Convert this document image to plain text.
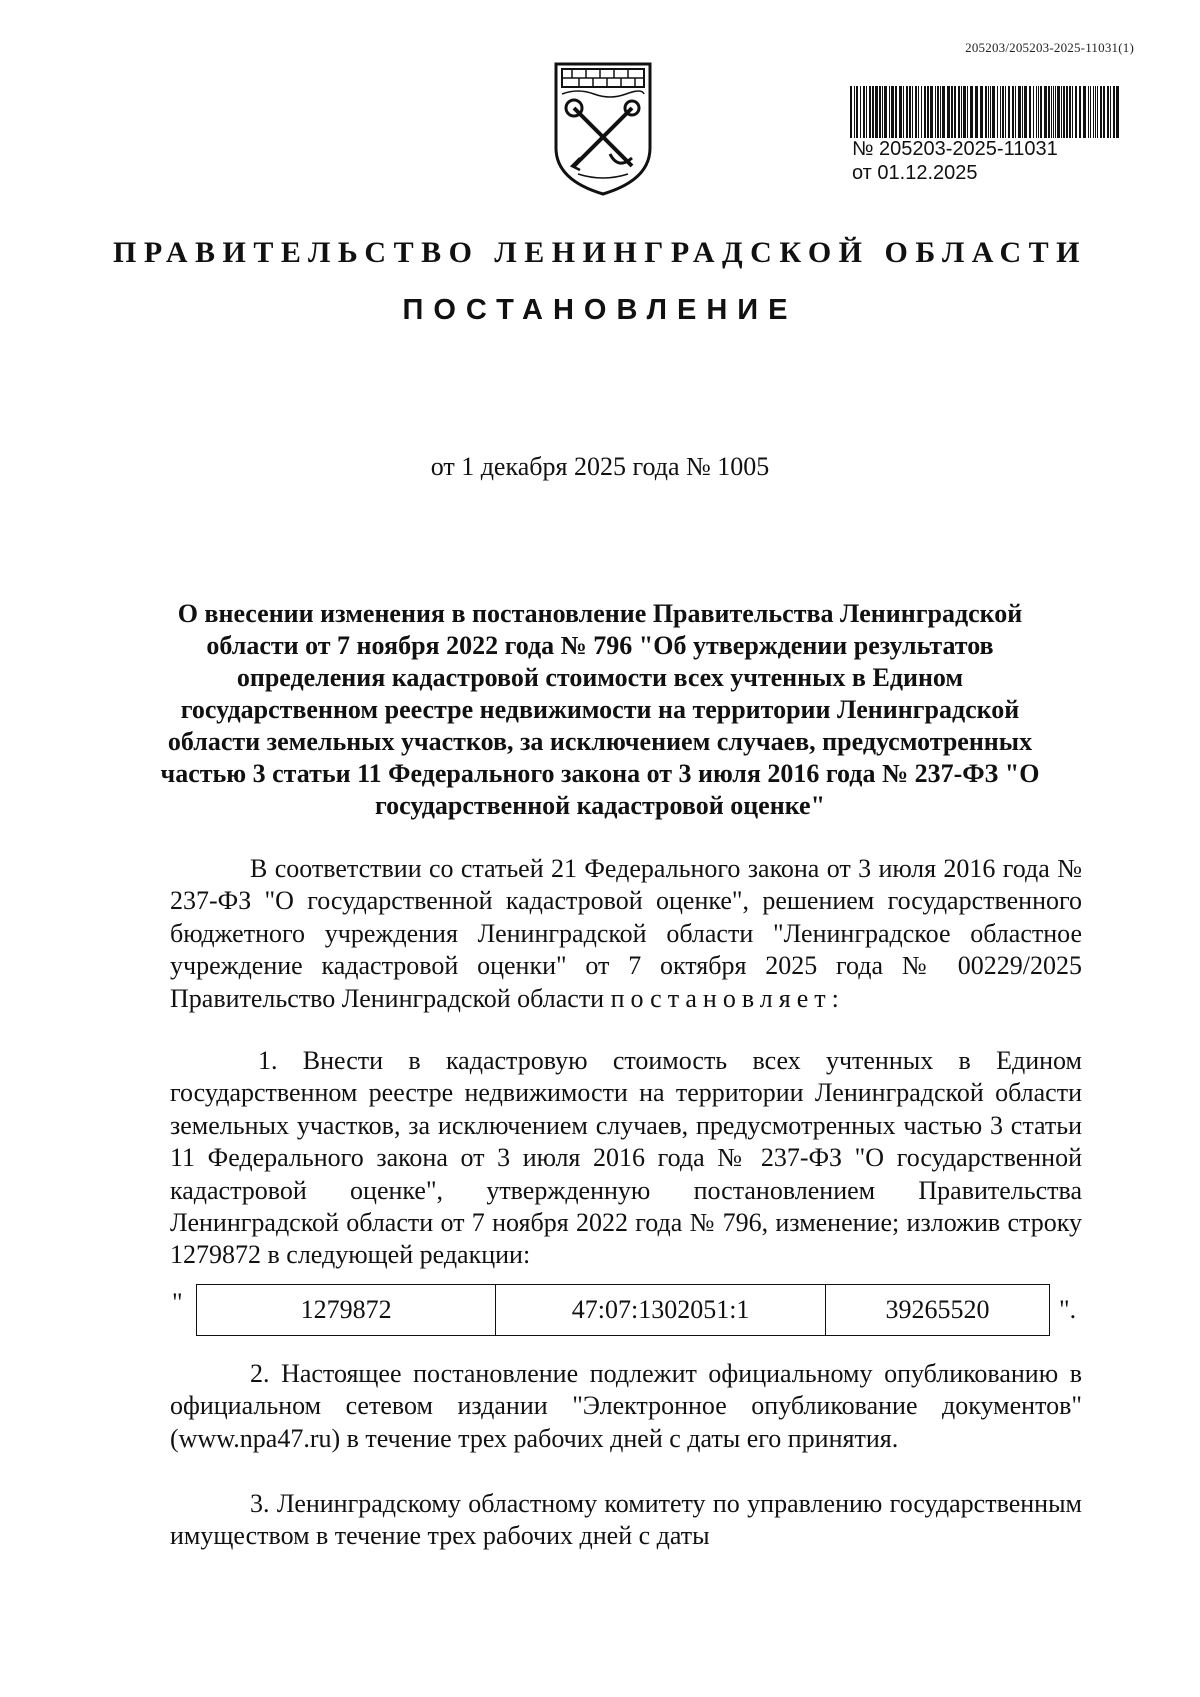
205203/205203-2025-11031(1)
№ 205203-2025-11031
от 01.12.2025
ПРАВИТЕЛЬСТВО ЛЕНИНГРАДСКОЙ ОБЛАСТИ
ПОСТАНОВЛЕНИЕ
от 1 декабря 2025 года № 1005

О внесении изменения в постановление Правительства Ленинградской области от 7 ноября 2022 года № 796 "Об утверждении результатов определения кадастровой стоимости всех учтенных в Едином государственном реестре недвижимости на территории Ленинградской области земельных участков, за исключением случаев, предусмотренных частью 3 статьи 11 Федерального закона от 3 июля 2016 года № 237-ФЗ "О государственной кадастровой оценке"

В соответствии со статьей 21 Федерального закона от 3 июля 2016 года № 237-ФЗ "О государственной кадастровой оценке", решением государственного бюджетного учреждения Ленинградской области "Ленинградское областное учреждение кадастровой оценки" от 7 октября 2025 года № 00229/2025 Правительство Ленинградской области постановляет:

1. Внести в кадастровую стоимость всех учтенных в Едином государственном реестре недвижимости на территории Ленинградской области земельных участков, за исключением случаев, предусмотренных частью 3 статьи 11 Федерального закона от 3 июля 2016 года № 237-ФЗ "О государственной кадастровой оценке", утвержденную постановлением Правительства Ленинградской области от 7 ноября 2022 года № 796, изменение; изложив строку 1279872 в следующей редакции:

"	1279872	47:07:1302051:1	39265520	".

2. Настоящее постановление подлежит официальному опубликованию в официальном сетевом издании "Электронное опубликование документов" (www.npa47.ru) в течение трех рабочих дней с даты его принятия.

3. Ленинградскому областному комитету по управлению государственным имуществом в течение трех рабочих дней с даты
